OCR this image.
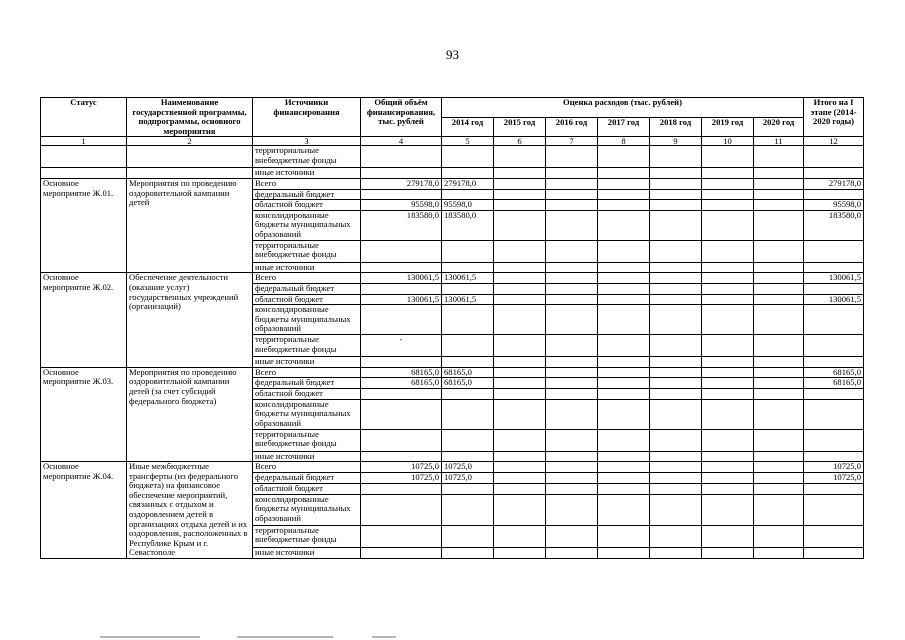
93
Статус	Наименование государственной программы, подпрограммы, основного мероприятия	Источники финансирования	Общий объём финансирования, тыс. рублей	Оценка расходов (тыс. рублей)							Итого на I этапе (2014-2020 годы)
				2014 год	2015 год	2016 год	2017 год	2018 год	2019 год	2020 год	
1	2	3	4	5	6	7	8	9	10	11	12
		территориальные внебюджетные фонды									
		иные источники									
Основное мероприятие Ж.01.	Мероприятия по проведению оздоровительной кампании детей	Всего	279178,0	279178,0							279178,0
		федеральный бюджет									
		областной бюджет	95598,0	95598,0							95598,0
		консолидированные бюджеты муниципальных образований	183580,0	183580,0							183580,0
		территориальные внебюджетные фонды									
		иные источники									
Основное мероприятие Ж.02.	Обеспечение деятельности (оказание услуг) государственных учреждений (организаций)	Всего	130061,5	130061,5							130061,5
		федеральный бюджет									
		областной бюджет	130061,5	130061,5							130061,5
		консолидированные бюджеты муниципальных образований									
		территориальные внебюджетные фонды	-								
		иные источники									
Основное мероприятие Ж.03.	Мероприятия по проведению оздоровительной кампании детей (за счет субсидий федерального бюджета)	Всего	68165,0	68165,0							68165,0
		федеральный бюджет	68165,0	68165,0							68165,0
		областной бюджет									
		консолидированные бюджеты муниципальных образований									
		территориальные внебюджетные фонды									
		иные источники									
Основное мероприятие Ж.04.	Иные межбюджетные трансферты (из федерального бюджета) на финансовое обеспечение мероприятий, связанных с отдыхом и оздоровлением детей в организациях отдыха детей и их оздоровления, расположенных в Республике Крым и г. Севастополе	Всего	10725,0	10725,0							10725,0
		федеральный бюджет	10725,0	10725,0							10725,0
		областной бюджет									
		консолидированные бюджеты муниципальных образований									
		территориальные внебюджетные фонды									
		иные источники									
